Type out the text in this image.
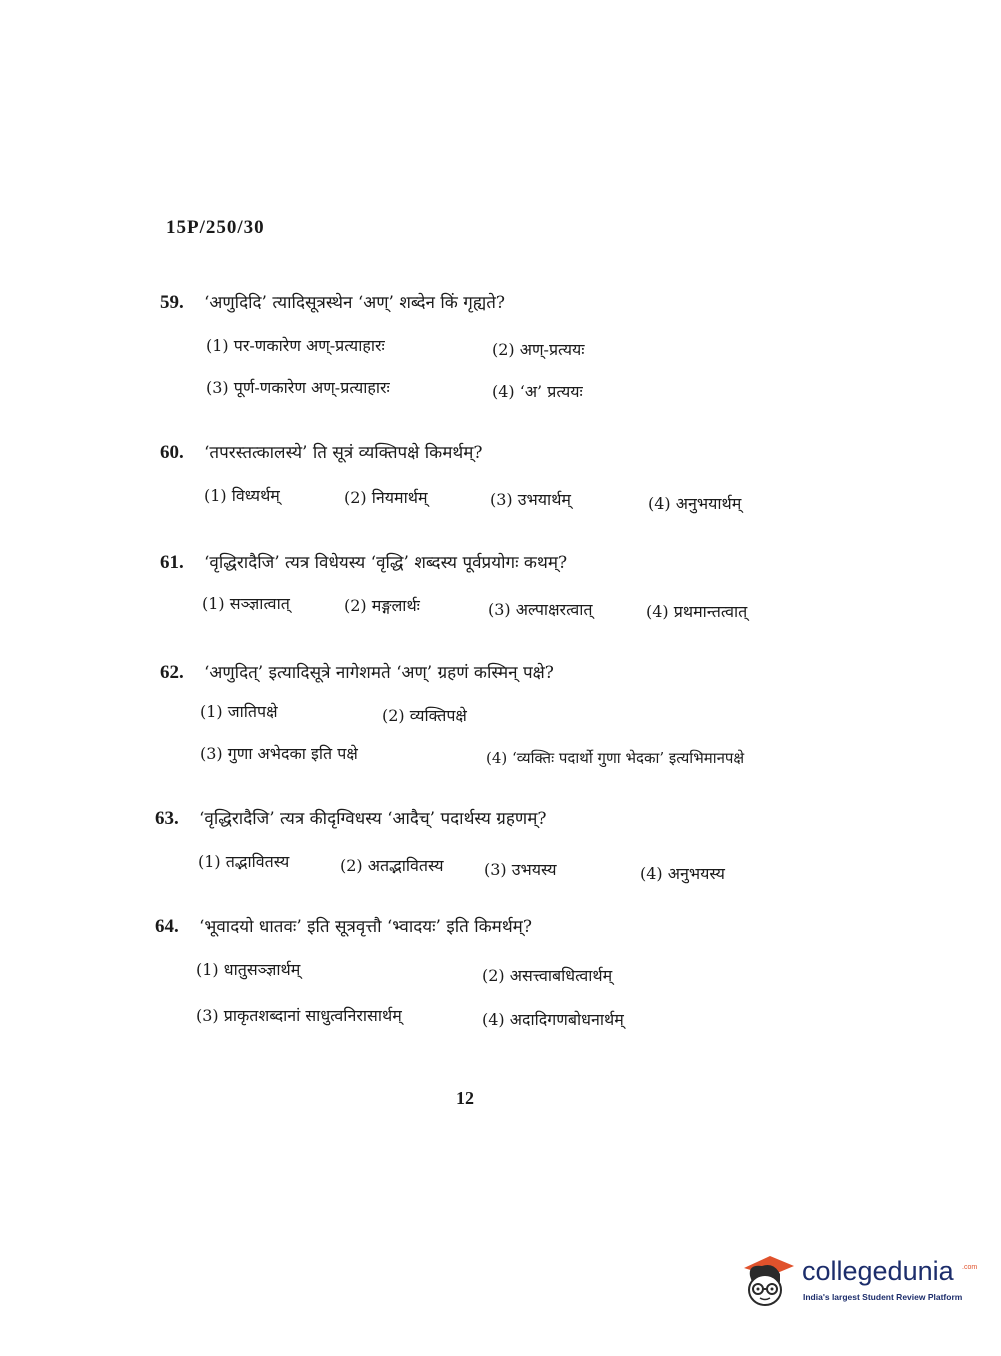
15P/250/30
59. ‘अणुदिदि’ त्यादिसूत्रस्थेन ‘अण्’ शब्देन किं गृह्यते?
(1) पर-णकारेण अण्-प्रत्याहारः	(2) अण्-प्रत्ययः
(3) पूर्ण-णकारेण अण्-प्रत्याहारः	(4) ‘अ’ प्रत्ययः
60. ‘तपरस्तत्कालस्ये’ ति सूत्रं व्यक्तिपक्षे किमर्थम्?
(1) विध्यर्थम्	(2) नियमार्थम्	(3) उभयार्थम्	(4) अनुभयार्थम्
61. ‘वृद्धिरादैजि’ त्यत्र विधेयस्य ‘वृद्धि’ शब्दस्य पूर्वप्रयोगः कथम्?
(1) सञ्ज्ञात्वात्	(2) मङ्गलार्थः	(3) अल्पाक्षरत्वात्	(4) प्रथमान्तत्वात्
62. ‘अणुदित्’ इत्यादिसूत्रे नागेशमते ‘अण्’ ग्रहणं कस्मिन् पक्षे?
(1) जातिपक्षे	(2) व्यक्तिपक्षे
(3) गुणा अभेदका इति पक्षे	(4) ‘व्यक्तिः पदार्थो गुणा भेदका’ इत्यभिमानपक्षे
63. ‘वृद्धिरादैजि’ त्यत्र कीदृग्विधस्य ‘आदैच्’ पदार्थस्य ग्रहणम्?
(1) तद्भावितस्य	(2) अतद्भावितस्य	(3) उभयस्य	(4) अनुभयस्य
64. ‘भूवादयो धातवः’ इति सूत्रवृत्तौ ‘भ्वादयः’ इति किमर्थम्?
(1) धातुसञ्ज्ञार्थम्	(2) असत्त्वाबधित्वार्थम्
(3) प्राकृतशब्दानां साधुत्वनिरासार्थम्	(4) अदादिगणबोधनार्थम्
12
collegedunia .com
India's largest Student Review Platform
